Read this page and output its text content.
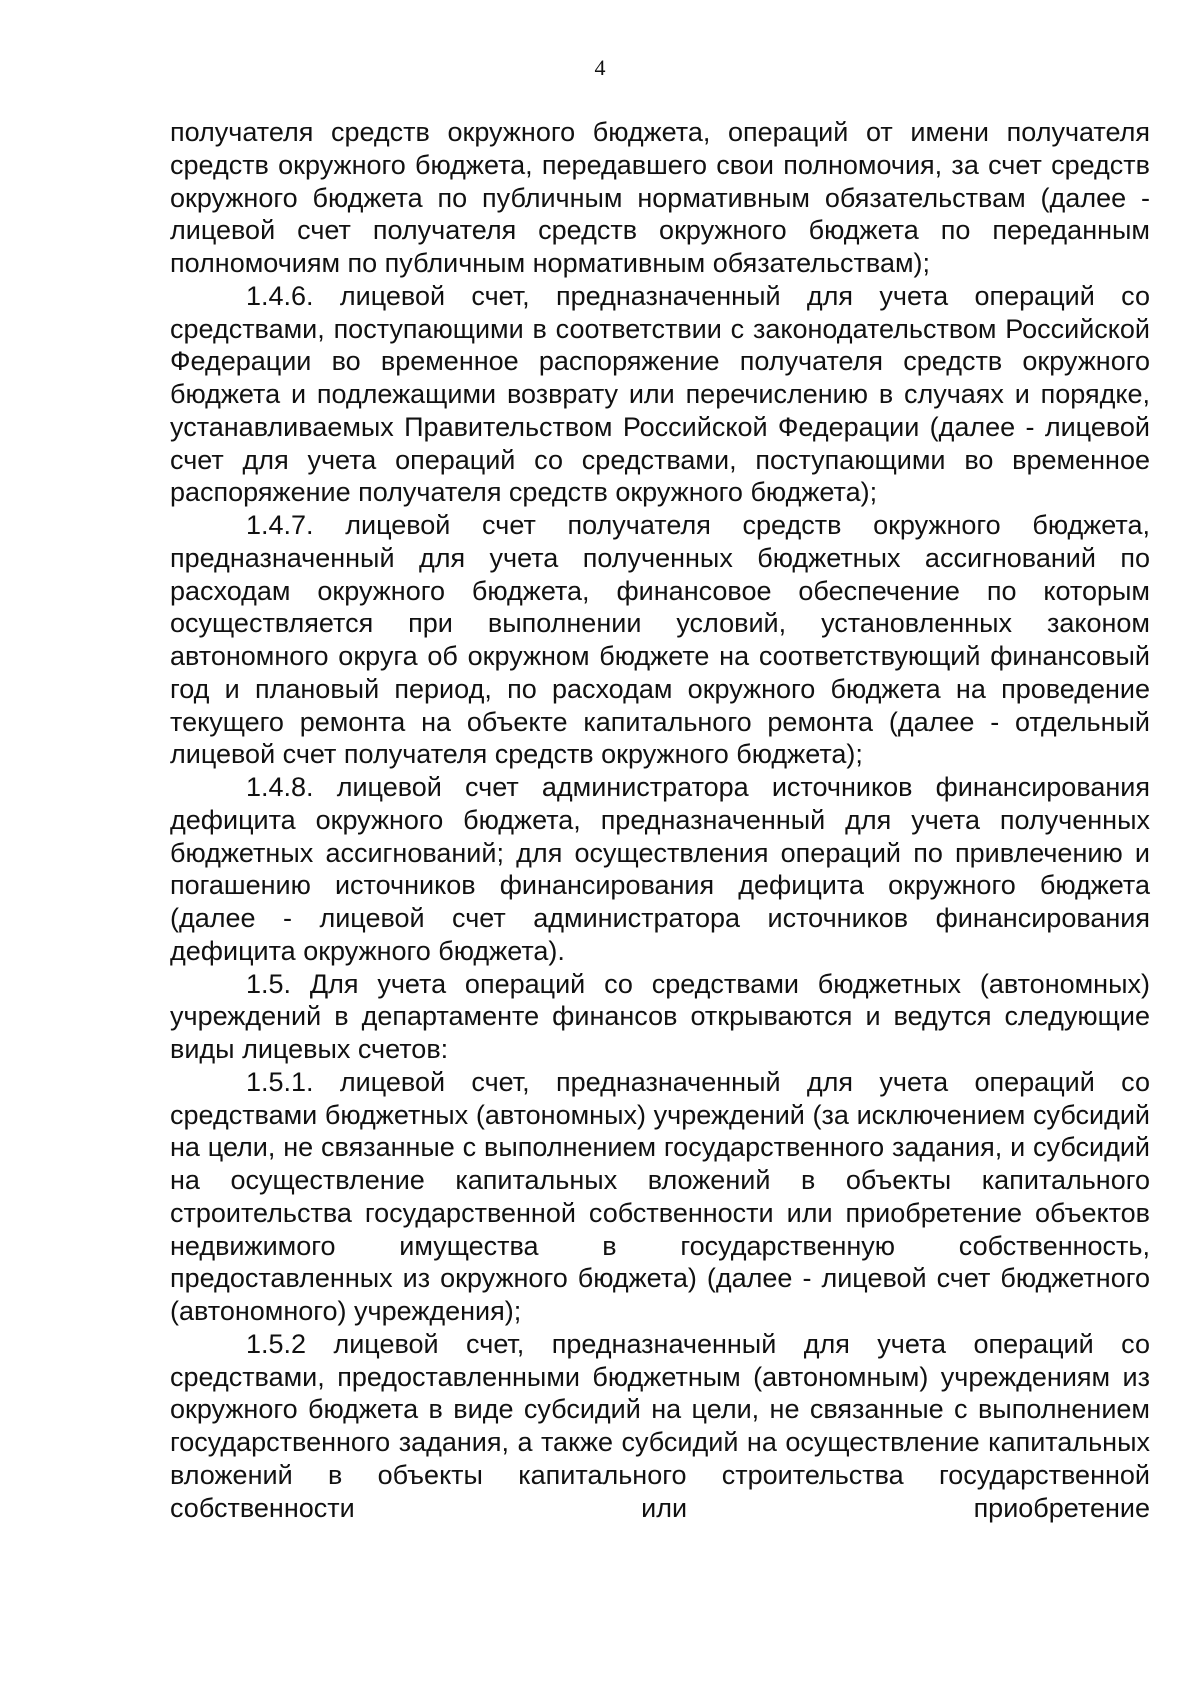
4

получателя средств окружного бюджета, операций от имени получателя средств окружного бюджета, передавшего свои полномочия, за счет средств окружного бюджета по публичным нормативным обязательствам (далее - лицевой счет получателя средств окружного бюджета по переданным полномочиям по публичным нормативным обязательствам);

1.4.6. лицевой счет, предназначенный для учета операций со средствами, поступающими в соответствии с законодательством Российской Федерации во временное распоряжение получателя средств окружного бюджета и подлежащими возврату или перечислению в случаях и порядке, устанавливаемых Правительством Российской Федерации (далее - лицевой счет для учета операций со средствами, поступающими во временное распоряжение получателя средств окружного бюджета);

1.4.7. лицевой счет получателя средств окружного бюджета, предназначенный для учета полученных бюджетных ассигнований по расходам окружного бюджета, финансовое обеспечение по которым осуществляется при выполнении условий, установленных законом автономного округа об окружном бюджете на соответствующий финансовый год и плановый период, по расходам окружного бюджета на проведение текущего ремонта на объекте капитального ремонта (далее - отдельный лицевой счет получателя средств окружного бюджета);

1.4.8. лицевой счет администратора источников финансирования дефицита окружного бюджета, предназначенный для учета полученных бюджетных ассигнований; для осуществления операций по привлечению и погашению источников финансирования дефицита окружного бюджета (далее - лицевой счет администратора источников финансирования дефицита окружного бюджета).

1.5. Для учета операций со средствами бюджетных (автономных) учреждений в департаменте финансов открываются и ведутся следующие виды лицевых счетов:

1.5.1. лицевой счет, предназначенный для учета операций со средствами бюджетных (автономных) учреждений (за исключением субсидий на цели, не связанные с выполнением государственного задания, и субсидий на осуществление капитальных вложений в объекты капитального строительства государственной собственности или приобретение объектов недвижимого имущества в государственную собственность, предоставленных из окружного бюджета) (далее - лицевой счет бюджетного (автономного) учреждения);

1.5.2 лицевой счет, предназначенный для учета операций со средствами, предоставленными бюджетным (автономным) учреждениям из окружного бюджета в виде субсидий на цели, не связанные с выполнением государственного задания, а также субсидий на осуществление капитальных вложений в объекты капитального строительства государственной собственности или приобретение
